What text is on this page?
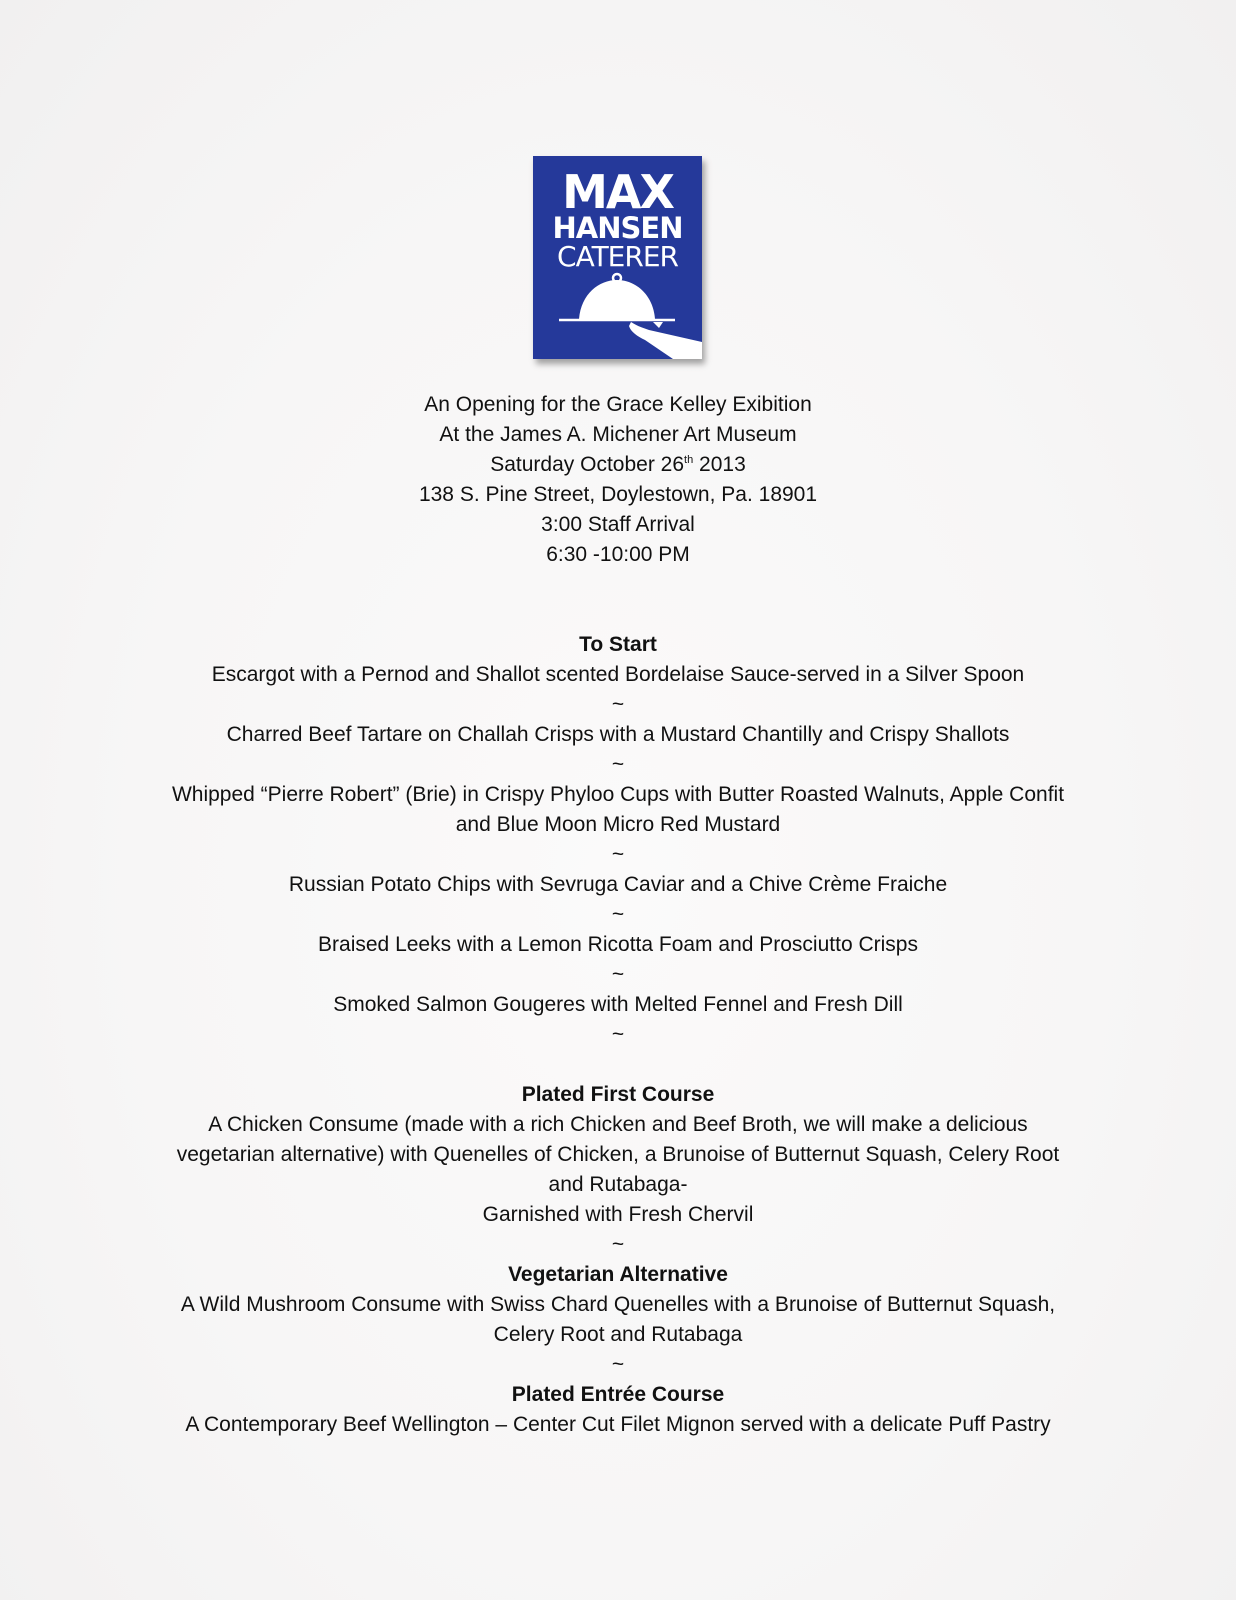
MAX
HANSEN
CATERER
An Opening for the Grace Kelley Exibition
At the James A. Michener Art Museum
Saturday October 26th 2013
138 S. Pine Street, Doylestown, Pa. 18901
3:00 Staff Arrival
6:30 -10:00 PM
To Start
Escargot with a Pernod and Shallot scented Bordelaise Sauce-served in a Silver Spoon
~
Charred Beef Tartare on Challah Crisps with a Mustard Chantilly and Crispy Shallots
~
Whipped “Pierre Robert” (Brie) in Crispy Phyloo Cups with Butter Roasted Walnuts, Apple Confit
and Blue Moon Micro Red Mustard
~
Russian Potato Chips with Sevruga Caviar and a Chive Crème Fraiche
~
Braised Leeks with a Lemon Ricotta Foam and Prosciutto Crisps
~
Smoked Salmon Gougeres with Melted Fennel and Fresh Dill
~
Plated First Course
A Chicken Consume (made with a rich Chicken and Beef Broth, we will make a delicious
vegetarian alternative) with Quenelles of Chicken, a Brunoise of Butternut Squash, Celery Root
and Rutabaga-
Garnished with Fresh Chervil
~
Vegetarian Alternative
A Wild Mushroom Consume with Swiss Chard Quenelles with a Brunoise of Butternut Squash,
Celery Root and Rutabaga
~
Plated Entrée Course
A Contemporary Beef Wellington – Center Cut Filet Mignon served with a delicate Puff Pastry
